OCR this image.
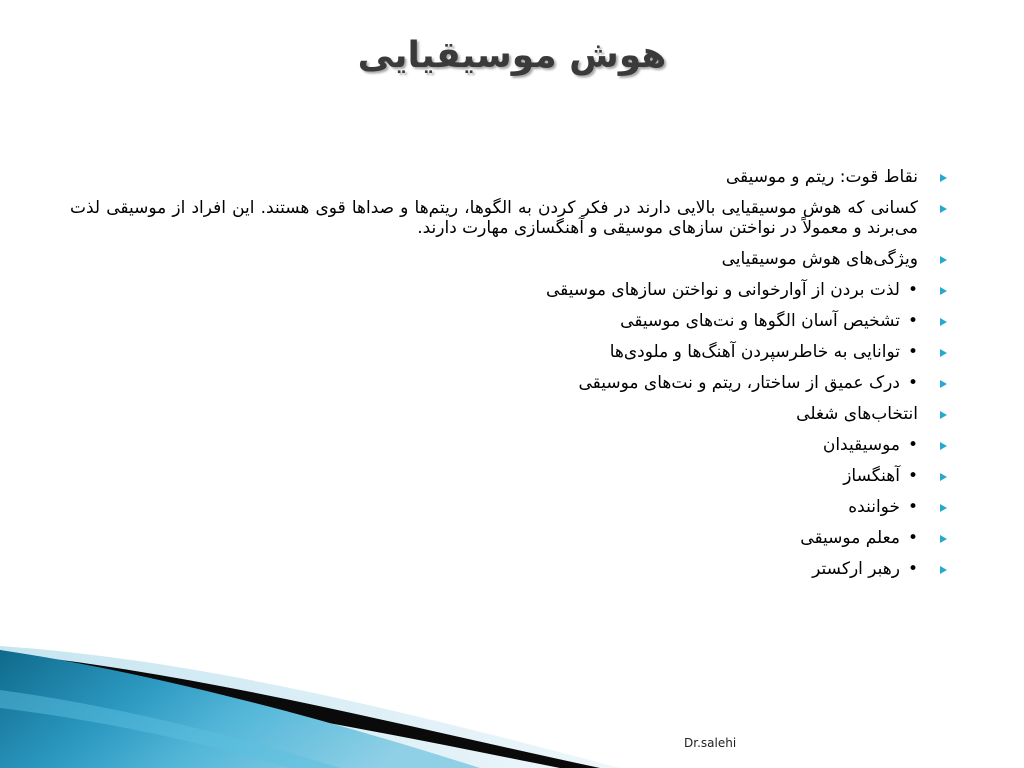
هوش موسیقیایی
نقاط قوت: ریتم و موسیقی
کسانی که هوش موسیقیایی بالایی دارند در فکر کردن به الگوها، ریتم‌ها و صداها قوی هستند. این افراد از موسیقی لذت می‌برند و معمولاً در نواختن سازهای موسیقی و آهنگسازی مهارت دارند.
ویژگی‌های هوش موسیقیایی
•لذت بردن از آوارخوانی و نواختن سازهای موسیقی
•تشخیص آسان الگوها و نت‌های موسیقی
•توانایی به خاطرسپردن آهنگ‌ها و ملودی‌ها
•درک عمیق از ساختار، ریتم و نت‌های موسیقی
انتخاب‌های شغلی
•موسیقیدان
•آهنگساز
•خواننده
•معلم موسیقی
•رهبر ارکستر
Dr.salehi
